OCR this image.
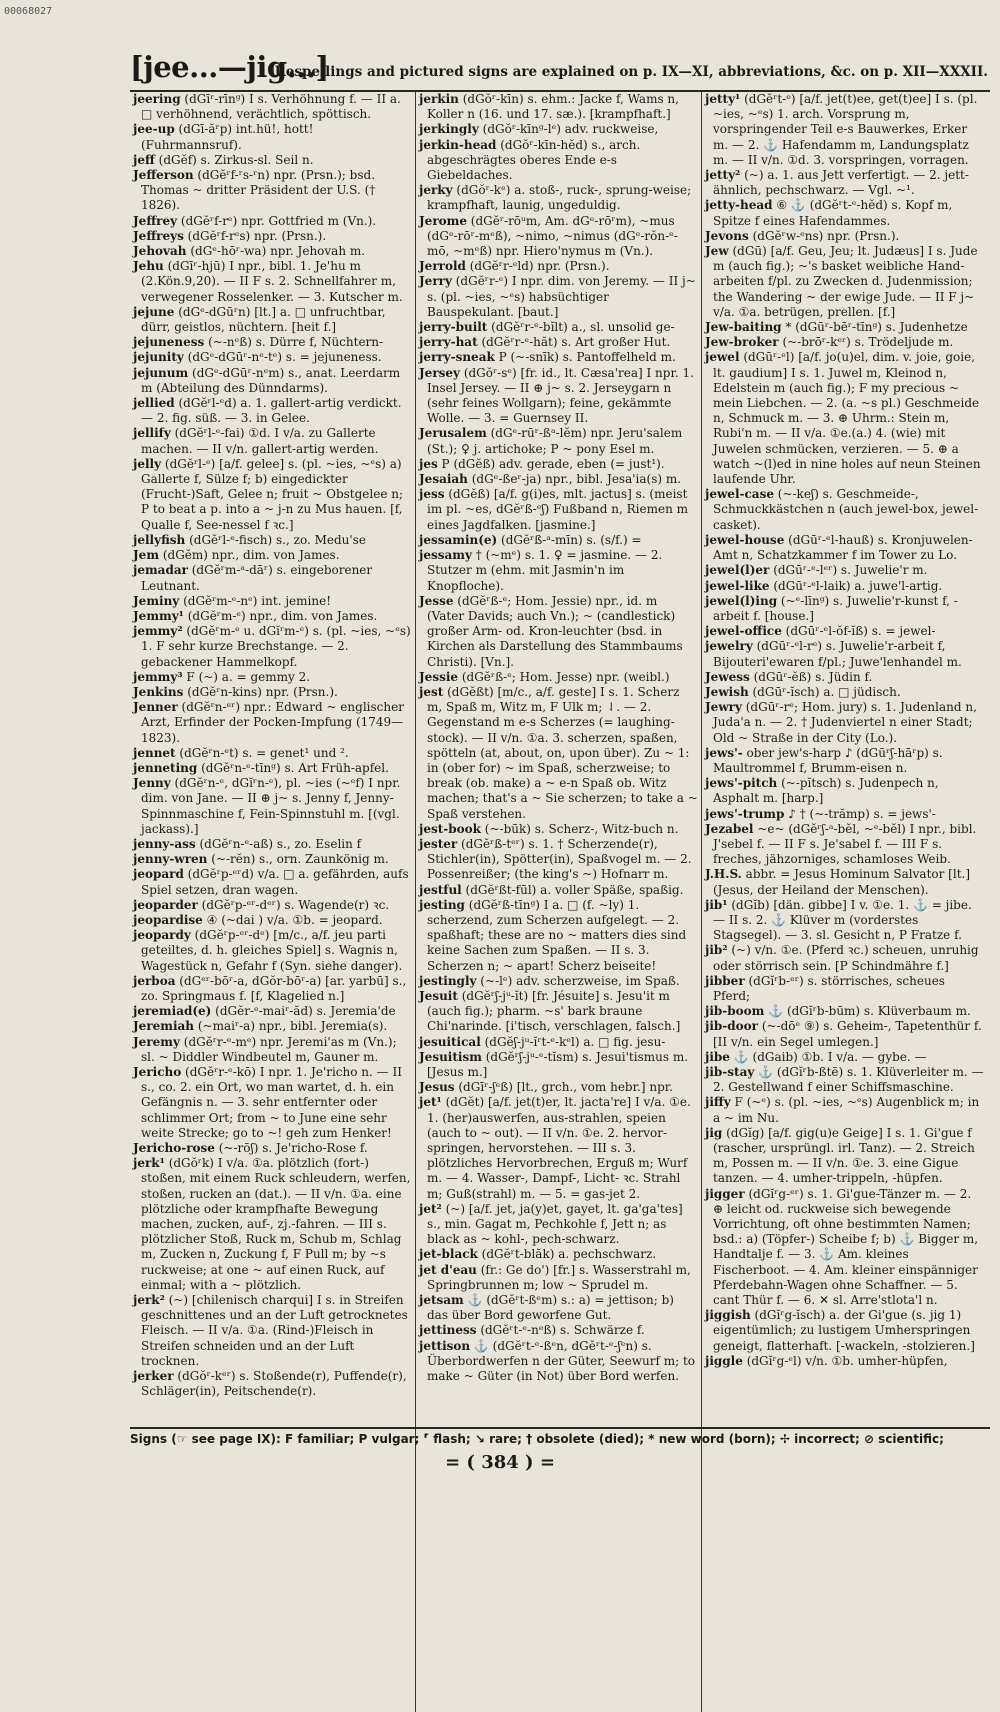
00068027
[jee...—jig...]
Respellings and pictured signs are explained on p. IX—XI, abbreviations, &c. on p. XII—XXXII.

jeering (dGīʳ-rīnᵍ) I s. Verhöhnung f. — II a. □ verhöhnend, verächtlich, spöttisch.

jee-up (dGī-ăʳp) int.hü!, hott! (Fuhrmannsruf).

jeff (dGĕf) s. Zirkus-sl. Seil n.

Jefferson (dGĕʳf-ʳs-ʳn) npr. (Prsn.); bsd. Thomas ~ dritter Präsident der U.S. († 1826).

Jeffrey (dGĕʳf-rᵉ) npr. Gottfried m (Vn.).

Jeffreys (dGĕʳf-rᵉs) npr. (Prsn.).

Jehovah (dGᵉ-hōʳ-wa) npr. Jehovah m.

Jehu (dGīʳ-hjū) I npr., bibl. 1. Je'hu m (2.Kön.9,20). — II F s. 2. Schnellfahrer m, verwegener Rosselenker. — 3. Kutscher m.

jejune (dGᵉ-dGūʳn) [lt.] a. □ unfruchtbar, dürr, geistlos, nüchtern. [heit f.]

jejuneness (~-nᵉß) s. Dürre f, Nüchtern-

jejunity (dGᵉ-dGūʳ-nᵉ-tᵉ) s. = jejuneness.

jejunum (dGᵉ-dGūʳ-nᵉm) s., anat. Leerdarm m (Abteilung des Dünndarms).

jellied (dGĕʳl-ᵉd) a. 1. gallert-artig verdickt. — 2. fig. süß. — 3. in Gelee.

jellify (dGĕʳl-ᵉ-fai) ①d. I v/a. zu Gallerte machen. — II v/n. gallert-artig werden.

jelly (dGĕʳl-ᵉ) [a/f. gelee] s. (pl. ~ies, ~ᵉs) a) Gallerte f, Sülze f; b) eingedickter (Frucht-)Saft, Gelee n; fruit ~ Obstgelee n; P to beat a p. into a ~ j-n zu Mus hauen. [f, Qualle f, See-nessel f ꝛc.]

jellyfish (dGĕʳl-ᵉ-fisch) s., zo. Medu'se

Jem (dGĕm) npr., dim. von James.

jemadar (dGĕʳm-ᵃ-dāʳ) s. eingeborener Leutnant.

Jeminy (dGĕʳm-ᵉ-nᵉ) int. jemine!

Jemmy¹ (dGĕʳm-ᵉ) npr., dim. von James.

jemmy² (dGĕʳm-ᵉ u. dGĭʳm-ᵉ) s. (pl. ~ies, ~ᵉs) 1. F sehr kurze Brechstange. — 2. gebackener Hammelkopf.

jemmy³ F (~) a. = gemmy 2.

Jenkins (dGĕʳn-kins) npr. (Prsn.).

Jenner (dGĕʳn-ᵉʳ) npr.: Edward ~ englischer Arzt, Erfinder der Pocken-Impfung (1749—1823).

jennet (dGĕʳn-ᵉt) s. = genet¹ und ².

jenneting (dGĕʳn-ᵉ-tīnᵍ) s. Art Früh-apfel.

Jenny (dGĕʳn-ᵉ, dGĭʳn-ᵉ), pl. ~ies (~ᵉf) I npr. dim. von Jane. — II ⊕ j~ s. Jenny f, Jenny-Spinnmaschine f, Fein-Spinnstuhl m. [(vgl. jackass).]

jenny-ass (dGĕʳn-ᵉ-aß) s., zo. Eselin f

jenny-wren (~-rĕn) s., orn. Zaunkönig m.

jeopard (dGĕʳp-ᵉʳd) v/a. □ a. gefährden, aufs Spiel setzen, dran wagen.

jeoparder (dGĕʳp-ᵉʳ-dᵉʳ) s. Wagende(r) ꝛc.

jeopardise ④ (~dai ) v/a. ①b. = jeopard.

jeopardy (dGĕʳp-ᵉʳ-dᵉ) [m/c., a/f. jeu parti geteiltes, d. h. gleiches Spiel] s. Wagnis n, Wagestück n, Gefahr f (Syn. siehe danger).

jerboa (dGᵉʳ-bōʳ-a, dGŏr-bōʳ-a) [ar. yarbū] s., zo. Springmaus f. [f, Klagelied n.]

jeremiad(e) (dGĕr-ᵉ-maiʳ-ăd) s. Jeremia'de

Jeremiah (~maiʳ-a) npr., bibl. Jeremia(s).

Jeremy (dGĕʳr-ᵉ-mᵉ) npr. Jeremi'as m (Vn.); sl. ~ Diddler Windbeutel m, Gauner m.

Jericho (dGĕʳr-ᵉ-kō) I npr. 1. Je'richo n. — II s., co. 2. ein Ort, wo man wartet, d. h. ein Gefängnis n. — 3. sehr entfernter oder schlimmer Ort; from ~ to June eine sehr weite Strecke; go to ~! geh zum Henker!

Jericho-rose (~-rōʃ) s. Je'richo-Rose f.

jerk¹ (dGŏʳk) I v/a. ①a. plötzlich (fort-) stoßen, mit einem Ruck schleudern, werfen, stoßen, rucken an (dat.). — II v/n. ①a. eine plötzliche oder krampfhafte Bewegung machen, zucken, auf-, zj.-fahren. — III s. plötzlicher Stoß, Ruck m, Schub m, Schlag m, Zucken n, Zuckung f, F Pull m; by ~s ruckweise; at one ~ auf einen Ruck, auf einmal; with a ~ plötzlich.

jerk² (~) [chilenisch charqui] I s. in Streifen geschnittenes und an der Luft getrocknetes Fleisch. — II v/a. ①a. (Rind-)Fleisch in Streifen schneiden und an der Luft trocknen.

jerker (dGŏʳ-kᵉʳ) s. Stoßende(r), Puffende(r), Schläger(in), Peitschende(r).

jerkin (dGŏʳ-kīn) s. ehm.: Jacke f, Wams n, Koller n (16. und 17. sæ.). [krampfhaft.]

jerkingly (dGŏʳ-kīnᵍ-lᵉ) adv. ruckweise,

jerkin-head (dGŏʳ-kīn-hĕd) s., arch. abgeschrägtes oberes Ende e-s Giebeldaches.

jerky (dGŏʳ-kᵉ) a. stoß-, ruck-, sprung-weise; krampfhaft, launig, ungeduldig.

Jerome (dGĕʳ-rōᵘm, Am. dGᵉ-rōʳm), ~mus (dGᵉ-rōʳ-mᵉß), ~nimo, ~nimus (dGᵉ-rŏn-ᵉ-mō, ~mᵉß) npr. Hiero'nymus m (Vn.).

Jerrold (dGĕʳr-ᵉld) npr. (Prsn.).

Jerry (dGĕʳr-ᵉ) I npr. dim. von Jeremy. — II j~ s. (pl. ~ies, ~ᵉs) habsüchtiger Bauspekulant. [baut.]

jerry-built (dGĕʳr-ᵉ-bĭlt) a., sl. unsolid ge-

jerry-hat (dGĕʳr-ᵉ-hăt) s. Art großer Hut.

jerry-sneak P (~-snīk) s. Pantoffelheld m.

Jersey (dGŏʳ-sᵉ) [fr. id., lt. Cæsa'rea] I npr. 1. Insel Jersey. — II ⊕ j~ s. 2. Jerseygarn n (sehr feines Wollgarn); feine, gekämmte Wolle. — 3. = Guernsey II.

Jerusalem (dGᵉ-rūʳ-ßᵃ-lĕm) npr. Jeru'salem (St.); ♀ j. artichoke; P ~ pony Esel m.

jes P (dGĕß) adv. gerade, eben (= just¹).

Jesaiah (dGᵉ-ßeʳ-ja) npr., bibl. Jesa'ia(s) m.

jess (dGĕß) [a/f. g(i)es, mlt. jactus] s. (meist im pl. ~es, dGĕʳß-ᵉʃ) Fußband n, Riemen m eines Jagdfalken. [jasmine.]

jessamin(e) (dGĕʳß-ᵃ-mīn) s. (s/f.) =

jessamy † (~mᵉ) s. 1. ♀ = jasmine. — 2. Stutzer m (ehm. mit Jasmin'n im Knopfloche).

Jesse (dGĕʳß-ᵉ; Hom. Jessie) npr., id. m (Vater Davids; auch Vn.); ~ (candlestick) großer Arm- od. Kron-leuchter (bsd. in Kirchen als Darstellung des Stammbaums Christi). [Vn.].

Jessie (dGĕʳß-ᵉ; Hom. Jesse) npr. (weibl.)

jest (dGĕßt) [m/c., a/f. geste] I s. 1. Scherz m, Spaß m, Witz m, F Ulk m; ⇃. — 2. Gegenstand m e-s Scherzes (= laughing-stock). — II v/n. ①a. 3. scherzen, spaßen, spötteln (at, about, on, upon über). Zu ~ 1: in (ober for) ~ im Spaß, scherzweise; to break (ob. make) a ~ e-n Spaß ob. Witz machen; that's a ~ Sie scherzen; to take a ~ Spaß verstehen.

jest-book (~-būk) s. Scherz-, Witz-buch n.

jester (dGĕʳß-tᵉʳ) s. 1. † Scherzende(r), Stichler(in), Spötter(in), Spaßvogel m. — 2. Possenreißer; (the king's ~) Hofnarr m.

jestful (dGĕʳßt-fūl) a. voller Späße, spaßig.

jesting (dGĕʳß-tīnᵍ) I a. □ (f. ~ly) 1. scherzend, zum Scherzen aufgelegt. — 2. spaßhaft; these are no ~ matters dies sind keine Sachen zum Spaßen. — II s. 3. Scherzen n; ~ apart! Scherz beiseite!

jestingly (~-lᵉ) adv. scherzweise, im Spaß.

Jesuit (dGĕʳʃ-jᵘ-ĭt) [fr. Jésuite] s. Jesu'it m (auch fig.); pharm. ~s' bark braune Chi'narinde. [i'tisch, verschlagen, falsch.]

jesuitical (dGĕʃ-jᵘ-ĭʳt-ᵉ-kᵉl) a. □ fig. jesu-

Jesuitism (dGĕʳʃ-jᵘ-ᵉ-tĭsm) s. Jesui'tismus m. [Jesus m.]

Jesus (dGīʳ-ʃᵉß) [lt., grch., vom hebr.] npr.

jet¹ (dGĕt) [a/f. jet(t)er, lt. jacta're] I v/a. ①e. 1. (her)auswerfen, aus-strahlen, speien (auch to ~ out). — II v/n. ①e. 2. hervor-springen, hervorstehen. — III s. 3. plötzliches Hervorbrechen, Erguß m; Wurf m. — 4. Wasser-, Dampf-, Licht- ꝛc. Strahl m; Guß(strahl) m. — 5. = gas-jet 2.

jet² (~) [a/f. jet, ja(y)et, gayet, lt. ga'ga'tes] s., min. Gagat m, Pechkohle f, Jett n; as black as ~ kohl-, pech-schwarz.

jet-black (dGĕʳt-blăk) a. pechschwarz.

jet d'eau (fr.: Ge do') [fr.] s. Wasserstrahl m, Springbrunnen m; low ~ Sprudel m.

jetsam ⚓ (dGĕʳt-ßᵉm) s.: a) = jettison; b) das über Bord geworfene Gut.

jettiness (dGĕʳt-ᵉ-nᵉß) s. Schwärze f.

jettison ⚓ (dGĕʳt-ᵉ-ßᵉn, dGĕʳt-ᵉ-ʃᵉn) s. Überbordwerfen n der Güter, Seewurf m; to make ~ Güter (in Not) über Bord werfen.

jetty¹ (dGĕʳt-ᵉ) [a/f. jet(t)ee, get(t)ee] I s. (pl. ~ies, ~ᵉs) 1. arch. Vorsprung m, vorspringender Teil e-s Bauwerkes, Erker m. — 2. ⚓ Hafendamm m, Landungsplatz m. — II v/n. ①d. 3. vorspringen, vorragen.

jetty² (~) a. 1. aus Jett verfertigt. — 2. jett-ähnlich, pechschwarz. — Vgl. ~¹.

jetty-head ⑥ ⚓ (dGĕʳt-ᵉ-hĕd) s. Kopf m, Spitze f eines Hafendammes.

Jevons (dGĕʳw-ᵉns) npr. (Prsn.).

Jew (dGū) [a/f. Geu, Jeu; lt. Judæus] I s. Jude m (auch fig.); ~'s basket weibliche Hand-arbeiten f/pl. zu Zwecken d. Judenmission; the Wandering ~ der ewige Jude. — II F j~ v/a. ①a. betrügen, prellen. [f.]

Jew-baiting * (dGūʳ-bēʳ-tīnᵍ) s. Judenhetze

Jew-broker (~-brōʳ-kᵉʳ) s. Trödeljude m.

jewel (dGūʳ-ᵉl) [a/f. jo(u)el, dim. v. joie, goie, lt. gaudium] I s. 1. Juwel m, Kleinod n, Edelstein m (auch fig.); F my precious ~ mein Liebchen. — 2. (a. ~s pl.) Geschmeide n, Schmuck m. — 3. ⊕ Uhrm.: Stein m, Rubi'n m. — II v/a. ①e.(a.) 4. (wie) mit Juwelen schmücken, verzieren. — 5. ⊕ a watch ~(l)ed in nine holes auf neun Steinen laufende Uhr.

jewel-case (~-keʃ) s. Geschmeide-, Schmuckkästchen n (auch jewel-box, jewel-casket).

jewel-house (dGūʳ-ᵉl-hauß) s. Kronjuwelen-Amt n, Schatzkammer f im Tower zu Lo.

jewel(l)er (dGūʳ-ᵉ-lᵉʳ) s. Juwelie'r m.

jewel-like (dGūʳ-ᵉl-laik) a. juwe'l-artig.

jewel(l)ing (~ᵉ-līnᵍ) s. Juwelie'r-kunst f, -arbeit f. [house.]

jewel-office (dGūʳ-ᵉl-ŏf-ĭß) s. = jewel-

jewelry (dGūʳ-ᵉl-rᵉ) s. Juwelie'r-arbeit f, Bijouteri'ewaren f/pl.; Juwe'lenhandel m.

Jewess (dGūʳ-ĕß) s. Jüdin f.

Jewish (dGūʳ-ĭsch) a. □ jüdisch.

Jewry (dGūʳ-rᵉ; Hom. jury) s. 1. Judenland n, Juda'a n. — 2. † Judenviertel n einer Stadt; Old ~ Straße in der City (Lo.).

jews'- ober jew's-harp ♪ (dGūʳʃ-hāʳp) s. Maultrommel f, Brumm-eisen n.

jews'-pitch (~-pĭtsch) s. Judenpech n, Asphalt m. [harp.]

jews'-trump ♪ † (~-trămp) s. = jews'-

Jezabel ~e~ (dGĕʳʃ-ᵃ-bĕl, ~ᵉ-bĕl) I npr., bibl. J'sebel f. — II F s. Je'sabel f. — III F s. freches, jähzorniges, schamloses Weib.

J.H.S. abbr. = Jesus Hominum Salvator [lt.] (Jesus, der Heiland der Menschen).

jib¹ (dGĭb) [dän. gibbe] I v. ①e. 1. ⚓ = jibe. — II s. 2. ⚓ Klüver m (vorderstes Stagsegel). — 3. sl. Gesicht n, P Fratze f.

jib² (~) v/n. ①e. (Pferd ꝛc.) scheuen, unruhig oder störrisch sein. [P Schindmähre f.]

jibber (dGĭʳb-ᵉʳ) s. störrisches, scheues Pferd;

jib-boom ⚓ (dGĭʳb-būm) s. Klüverbaum m.

jib-door (~-dōᵉ ⑨) s. Geheim-, Tapetenthür f. [II v/n. ein Segel umlegen.]

jibe ⚓ (dGaib) ①b. I v/a. — gybe. —

jib-stay ⚓ (dGĭʳb-ßtē) s. 1. Klüverleiter m. — 2. Gestellwand f einer Schiffsmaschine.

jiffy F (~ᵉ) s. (pl. ~ies, ~ᵉs) Augenblick m; in a ~ im Nu.

jig (dGĭg) [a/f. gig(u)e Geige] I s. 1. Gi'gue f (rascher, ursprüngl. irl. Tanz). — 2. Streich m, Possen m. — II v/n. ①e. 3. eine Gigue tanzen. — 4. umher-trippeln, -hüpfen.

jigger (dGĭʳg-ᵉʳ) s. 1. Gi'gue-Tänzer m. — 2. ⊕ leicht od. ruckweise sich bewegende Vorrichtung, oft ohne bestimmten Namen; bsd.: a) (Töpfer-) Scheibe f; b) ⚓ Bigger m, Handtalje f. — 3. ⚓ Am. kleines Fischerboot. — 4. Am. kleiner einspänniger Pferdebahn-Wagen ohne Schaffner. — 5. cant Thür f. — 6. ✕ sl. Arre'stlota'l n.

jiggish (dGĭʳg-ĭsch) a. der Gi'gue (s. jig 1) eigentümlich; zu lustigem Umherspringen geneigt, flatterhaft. [-wackeln, -stolzieren.]

jiggle (dGĭʳg-ᵉl) v/n. ①b. umher-hüpfen,

Signs (☞ see page IX): F familiar; P vulgar; ⸢ flash; ↘ rare; † obsolete (died); * new word (born); ✢ incorrect; ⊘ scientific;
= ( 384 ) =
